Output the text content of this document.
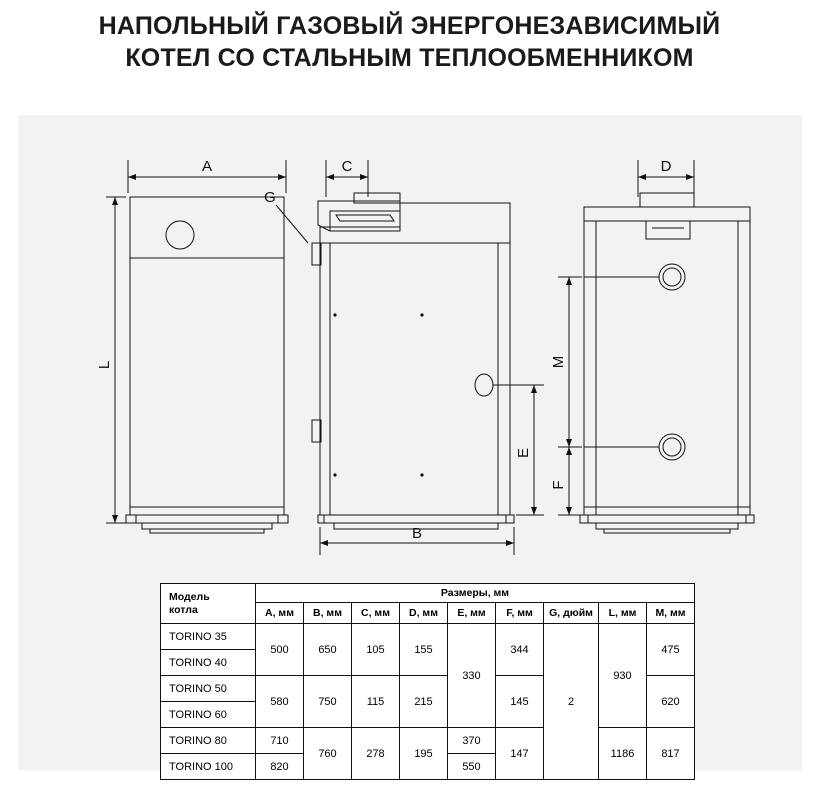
НАПОЛЬНЫЙ ГАЗОВЫЙ ЭНЕРГОНЕЗАВИСИМЫЙ
КОТЕЛ СО СТАЛЬНЫМ ТЕПЛООБМЕННИКОМ
A	C	D
B
G
L
E
M
F
Модель
котла	Размеры, мм								
	A, мм	B, мм	C, мм	D, мм	E, мм	F, мм	G, дюйм	L, мм	M, мм
TORINO 35	500	650	105	155	330	344	2	930	475
TORINO 40									
TORINO 50	580	750	115	215		145			620
TORINO 60									
TORINO 80	710	760	278	195	370	147		1186	817
TORINO 100	820				550				
